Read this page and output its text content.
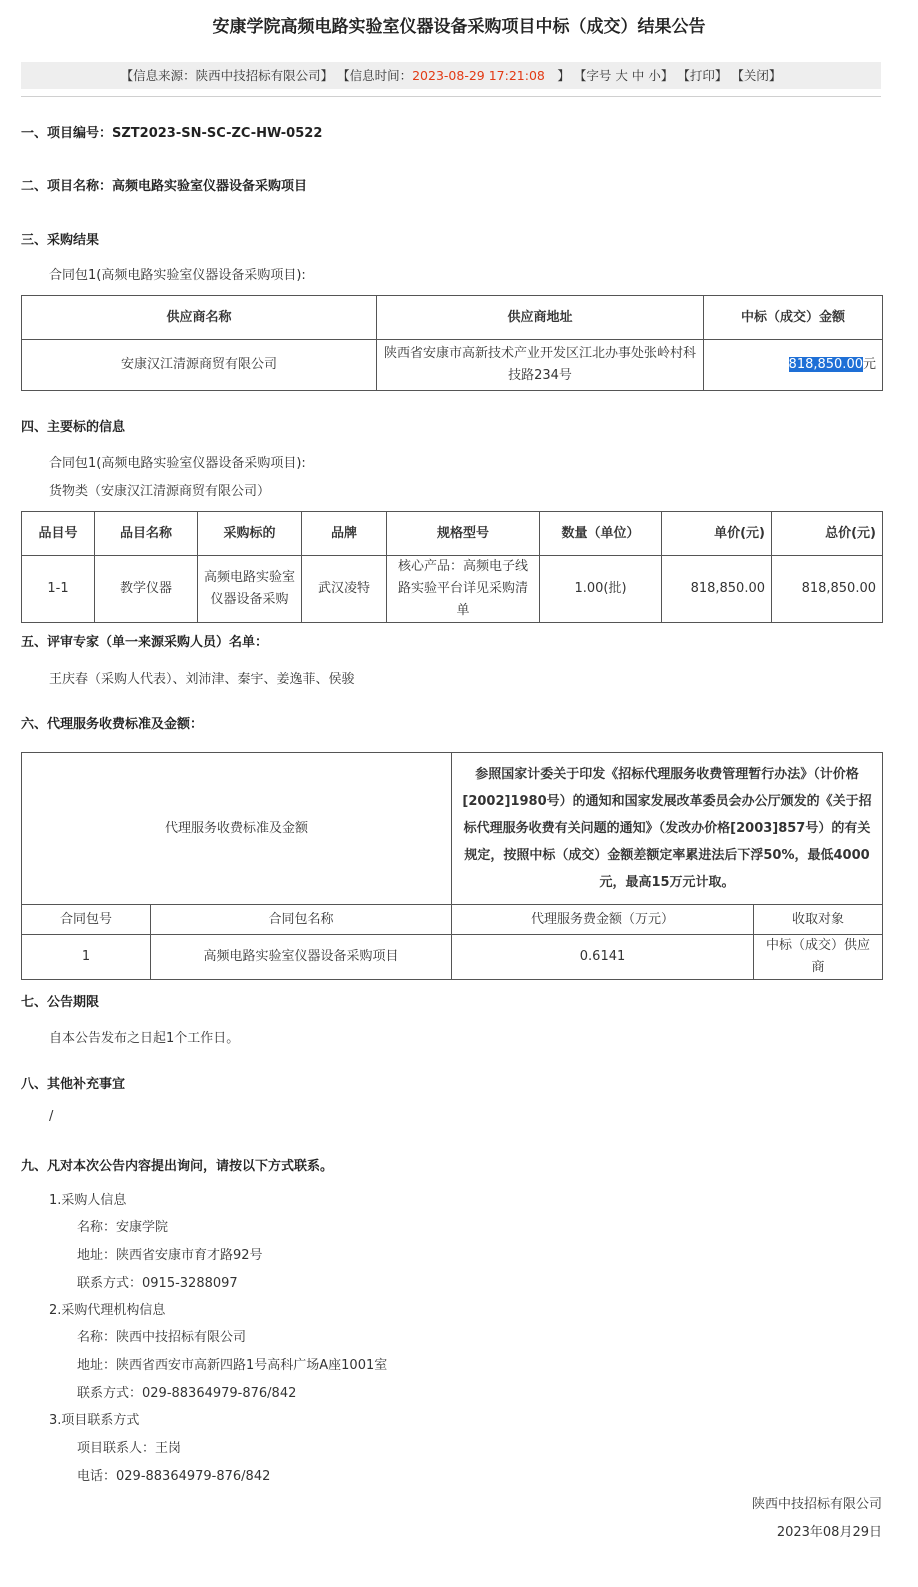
安康学院高频电路实验室仪器设备采购项目中标（成交）结果公告
【信息来源：陕西中技招标有限公司】 【信息时间：2023-08-29 17:21:08　】 【字号 大 中 小】 【打印】 【关闭】
一、项目编号：SZT2023-SN-SC-ZC-HW-0522
二、项目名称：高频电路实验室仪器设备采购项目
三、采购结果
合同包1(高频电路实验室仪器设备采购项目):
供应商名称	供应商地址	中标（成交）金额
安康汉江清源商贸有限公司	陕西省安康市高新技术产业开发区江北办事处张岭村科技路234号	818,850.00元
四、主要标的信息
合同包1(高频电路实验室仪器设备采购项目):
货物类（安康汉江清源商贸有限公司）
品目号	品目名称	采购标的	品牌	规格型号	数量（单位）	单价(元)	总价(元)
1-1	教学仪器	高频电路实验室仪器设备采购	武汉凌特	核心产品：高频电子线路实验平台详见采购清单	1.00(批)	818,850.00	818,850.00
五、评审专家（单一来源采购人员）名单：
王庆春（采购人代表）、刘沛津、秦宇、姜逸菲、侯骏
六、代理服务收费标准及金额：
代理服务收费标准及金额		参照国家计委关于印发《招标代理服务收费管理暂行办法》（计价格[2002]1980号）的通知和国家发展改革委员会办公厅颁发的《关于招标代理服务收费有关问题的通知》（发改办价格[2003]857号）的有关规定，按照中标（成交）金额差额定率累进法后下浮50%，最低4000元，最高15万元计取。	
合同包号	合同包名称	代理服务费金额（万元）	收取对象
1	高频电路实验室仪器设备采购项目	0.6141	中标（成交）供应商
七、公告期限
自本公告发布之日起1个工作日。
八、其他补充事宜
/
九、凡对本次公告内容提出询问，请按以下方式联系。
1.采购人信息
名称：安康学院
地址：陕西省安康市育才路92号
联系方式：0915-3288097
2.采购代理机构信息
名称：陕西中技招标有限公司
地址：陕西省西安市高新四路1号高科广场A座1001室
联系方式：029-88364979-876/842
3.项目联系方式
项目联系人：王岗
电话：029-88364979-876/842
陕西中技招标有限公司
2023年08月29日
